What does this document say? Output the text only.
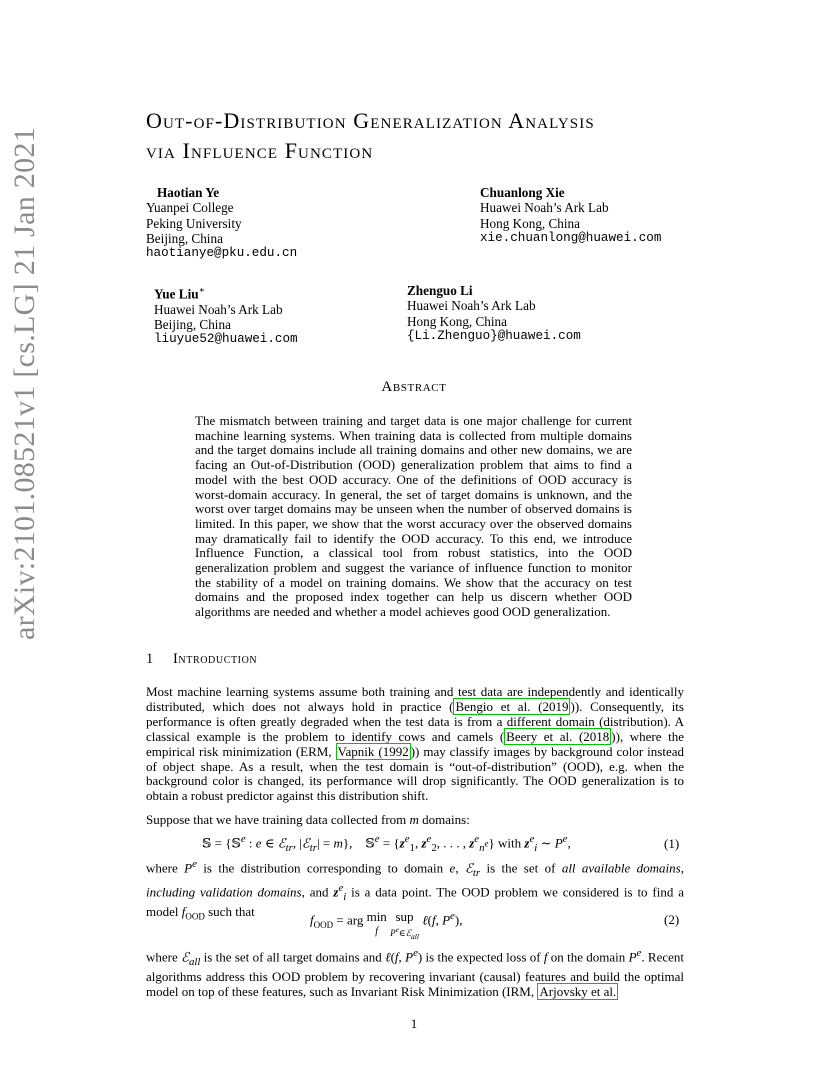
arXiv:2101.08521v1 [cs.LG] 21 Jan 2021
Out-of-Distribution Generalization Analysis
via Influence Function
Haotian Ye
Yuanpei College
Peking University
Beijing, China
haotianye@pku.edu.cn
Chuanlong Xie
Huawei Noah’s Ark Lab
Hong Kong, China
xie.chuanlong@huawei.com
Yue Liu∗
Huawei Noah’s Ark Lab
Beijing, China
liuyue52@huawei.com
Zhenguo Li
Huawei Noah’s Ark Lab
Hong Kong, China
{Li.Zhenguo}@huawei.com
Abstract
The mismatch between training and target data is one major challenge for current machine learning systems. When training data is collected from multiple domains and the target domains include all training domains and other new domains, we are facing an Out-of-Distribution (OOD) generalization problem that aims to find a model with the best OOD accuracy. One of the definitions of OOD accuracy is worst-domain accuracy. In general, the set of target domains is unknown, and the worst over target domains may be unseen when the number of observed domains is limited. In this paper, we show that the worst accuracy over the observed domains may dramatically fail to identify the OOD accuracy. To this end, we introduce Influence Function, a classical tool from robust statistics, into the OOD generalization problem and suggest the variance of influence function to monitor the stability of a model on training domains. We show that the accuracy on test domains and the proposed index together can help us discern whether OOD algorithms are needed and whether a model achieves good OOD generalization.
1 Introduction
Most machine learning systems assume both training and test data are independently and identically distributed, which does not always hold in practice ( Bengio et al. (2019 )). Consequently, its performance is often greatly degraded when the test data is from a different domain (distribution). A classical example is the problem to identify cows and camels ( Beery et al. (2018 )), where the empirical risk minimization (ERM, Vapnik (1992 )) may classify images by background color instead of object shape. As a result, when the test domain is “out-of-distribution” (OOD), e.g. when the background color is changed, its performance will drop significantly. The OOD generalization is to obtain a robust predictor against this distribution shift.
Suppose that we have training data collected from m domains:
𝕊 = {𝕊$^e$ : e ∈ ℰ$_{tr}$, |ℰ$_{tr}$| = m},    𝕊$^e$ = {$z^e_1$, $z^e_2$, . . . , $z^e_{n^e}$} with $z^e_i$ ∼ $P^e$,	(1)
where $P^e$ is the distribution corresponding to domain e, ℰ$_{tr}$ is the set of all available domains, including validation domains, and $z^e_i$ is a data point. The OOD problem we considered is to find a model $f_{OOD}$ such that
$f_{OOD}$ = arg min
f sup
$P^e\in ℰ_{all}$ ℓ(f, $P^e$),	(2)
where ℰ$_{all}$ is the set of all target domains and ℓ(f, $P^e$) is the expected loss of f on the domain $P^e$. Recent algorithms address this OOD problem by recovering invariant (causal) features and build the optimal model on top of these features, such as Invariant Risk Minimization (IRM, Arjovsky et al.
1
